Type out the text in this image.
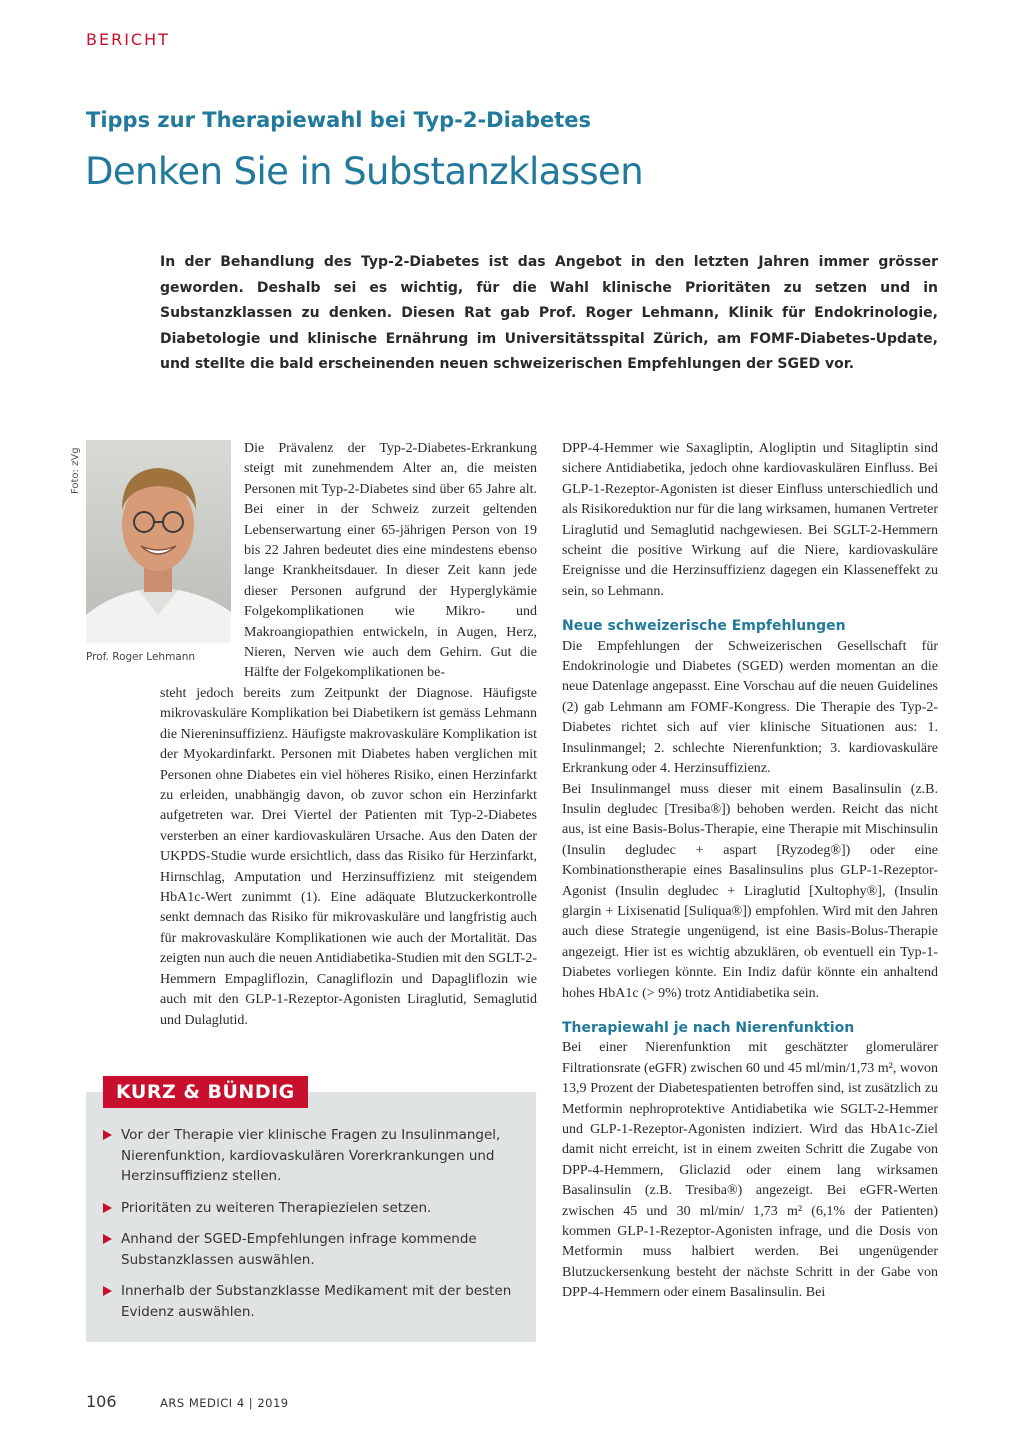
BERICHT
Tipps zur Therapiewahl bei Typ-2-Diabetes
Denken Sie in Substanzklassen
In der Behandlung des Typ-2-Diabetes ist das Angebot in den letzten Jahren immer grösser geworden. Deshalb sei es wichtig, für die Wahl klinische Prioritäten zu setzen und in Substanzklassen zu denken. Diesen Rat gab Prof. Roger Lehmann, Klinik für Endokrinologie, Diabetologie und klinische Ernährung im Universitätsspital Zürich, am FOMF-Diabetes-Update, und stellte die bald erscheinenden neuen schweizerischen Empfehlungen der SGED vor.
Foto: zVg
Prof. Roger Lehmann

Die Prävalenz der Typ-2-Diabetes-Erkrankung steigt mit zunehmendem Alter an, die meisten Personen mit Typ-2-Diabetes sind über 65 Jahre alt. Bei einer in der Schweiz zurzeit geltenden Lebenserwartung einer 65-jährigen Person von 19 bis 22 Jahren bedeutet dies eine mindestens ebenso lange Krankheitsdauer. In dieser Zeit kann jede dieser Personen aufgrund der Hyperglykämie Folgekomplikationen wie Mikro- und Makroangiopathien entwickeln, in Augen, Herz, Nieren, Nerven wie auch dem Gehirn. Gut die Hälfte der Folgekomplikationen be-

steht jedoch bereits zum Zeitpunkt der Diagnose. Häufigste mikrovaskuläre Komplikation bei Diabetikern ist gemäss Lehmann die Niereninsuffizienz. Häufigste makrovaskuläre Komplikation ist der Myokardinfarkt. Personen mit Diabetes haben verglichen mit Personen ohne Diabetes ein viel höheres Risiko, einen Herzinfarkt zu erleiden, unabhängig davon, ob zuvor schon ein Herzinfarkt aufgetreten war. Drei Viertel der Patienten mit Typ-2-Diabetes versterben an einer kardiovaskulären Ursache. Aus den Daten der UKPDS-Studie wurde ersichtlich, dass das Risiko für Herzinfarkt, Hirnschlag, Amputation und Herzinsuffizienz mit steigendem HbA1c-Wert zunimmt (1). Eine adäquate Blutzuckerkontrolle senkt demnach das Risiko für mikrovaskuläre und langfristig auch für makrovaskuläre Komplikationen wie auch der Mortalität. Das zeigten nun auch die neuen Antidiabetika-Studien mit den SGLT-2-Hemmern Empagliflozin, Canagliflozin und Dapagliflozin wie auch mit den GLP-1-Rezeptor-Agonisten Liraglutid, Semaglutid und Dulaglutid.

DPP-4-Hemmer wie Saxagliptin, Alogliptin und Sitagliptin sind sichere Antidiabetika, jedoch ohne kardiovaskulären Einfluss. Bei GLP-1-Rezeptor-Agonisten ist dieser Einfluss unterschiedlich und als Risikoreduktion nur für die lang wirksamen, humanen Vertreter Liraglutid und Semaglutid nachgewiesen. Bei SGLT-2-Hemmern scheint die positive Wirkung auf die Niere, kardiovaskuläre Ereignisse und die Herzinsuffizienz dagegen ein Klasseneffekt zu sein, so Lehmann.

Neue schweizerische Empfehlungen

Die Empfehlungen der Schweizerischen Gesellschaft für Endokrinologie und Diabetes (SGED) werden momentan an die neue Datenlage angepasst. Eine Vorschau auf die neuen Guidelines (2) gab Lehmann am FOMF-Kongress. Die Therapie des Typ-2-Diabetes richtet sich auf vier klinische Situationen aus: 1. Insulinmangel; 2. schlechte Nierenfunktion; 3. kardiovaskuläre Erkrankung oder 4. Herzinsuffizienz.

Bei Insulinmangel muss dieser mit einem Basalinsulin (z.B. Insulin degludec [Tresiba®]) behoben werden. Reicht das nicht aus, ist eine Basis-Bolus-Therapie, eine Therapie mit Mischinsulin (Insulin degludec + aspart [Ryzodeg®]) oder eine Kombinationstherapie eines Basalinsulins plus GLP-1-Rezeptor-Agonist (Insulin degludec + Liraglutid [Xultophy®], (Insulin glargin + Lixisenatid [Suliqua®]) empfohlen. Wird mit den Jahren auch diese Strategie ungenügend, ist eine Basis-Bolus-Therapie angezeigt. Hier ist es wichtig abzuklären, ob eventuell ein Typ-1-Diabetes vorliegen könnte. Ein Indiz dafür könnte ein anhaltend hohes HbA1c (> 9%) trotz Antidiabetika sein.

Therapiewahl je nach Nierenfunktion

Bei einer Nierenfunktion mit geschätzter glomerulärer Filtrationsrate (eGFR) zwischen 60 und 45 ml/min/1,73 m², wovon 13,9 Prozent der Diabetespatienten betroffen sind, ist zusätzlich zu Metformin nephroprotektive Antidiabetika wie SGLT-2-Hemmer und GLP-1-Rezeptor-Agonisten indiziert. Wird das HbA1c-Ziel damit nicht erreicht, ist in einem zweiten Schritt die Zugabe von DPP-4-Hemmern, Gliclazid oder einem lang wirksamen Basalinsulin (z.B. Tresiba®) angezeigt. Bei eGFR-Werten zwischen 45 und 30 ml/min/ 1,73 m² (6,1% der Patienten) kommen GLP-1-Rezeptor-Agonisten infrage, und die Dosis von Metformin muss halbiert werden. Bei ungenügender Blutzuckersenkung besteht der nächste Schritt in der Gabe von DPP-4-Hemmern oder einem Basalinsulin. Bei

KURZ & BÜNDIG
Vor der Therapie vier klinische Fragen zu Insulinmangel, Nierenfunktion, kardiovaskulären Vorerkrankungen und Herzinsuffizienz stellen.
Prioritäten zu weiteren Therapiezielen setzen.
Anhand der SGED-Empfehlungen infrage kommende Substanzklassen auswählen.
Innerhalb der Substanzklasse Medikament mit der besten Evidenz auswählen.
106	ARS MEDICI 4 | 2019
